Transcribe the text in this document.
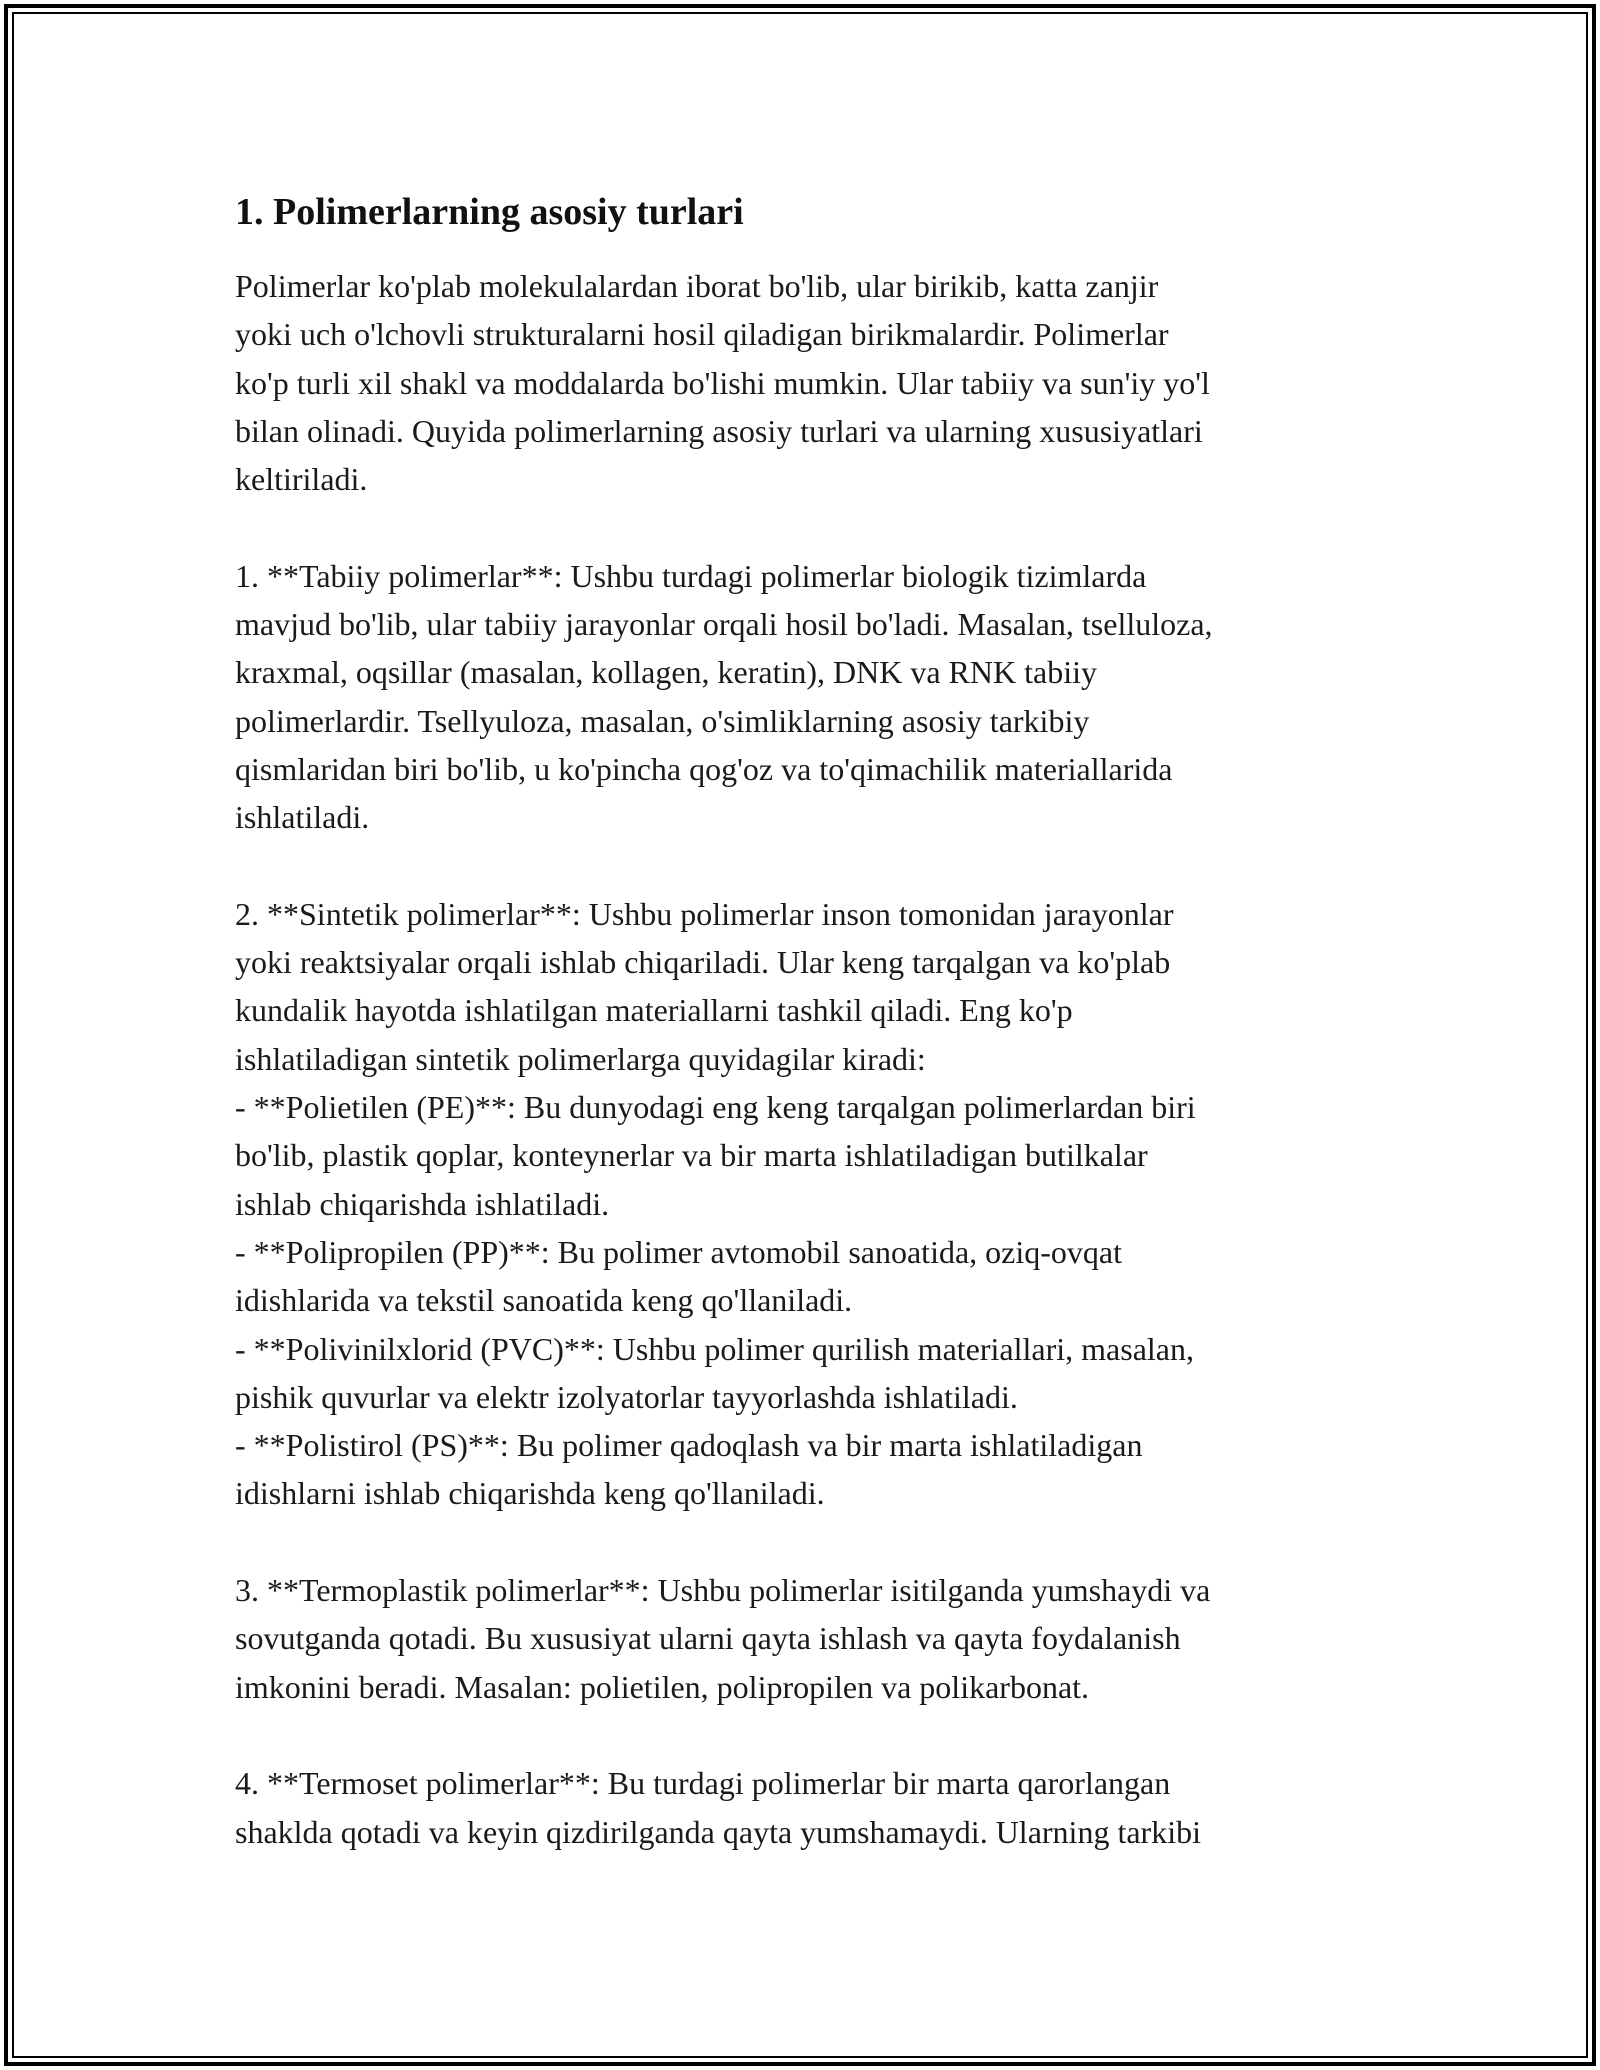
1. Polimerlarning asosiy turlari

Polimerlar ko'plab molekulalardan iborat bo'lib, ular birikib, katta zanjir
yoki uch o'lchovli strukturalarni hosil qiladigan birikmalardir. Polimerlar
ko'p turli xil shakl va moddalarda bo'lishi mumkin. Ular tabiiy va sun'iy yo'l
bilan olinadi. Quyida polimerlarning asosiy turlari va ularning xususiyatlari
keltiriladi.

1. **Tabiiy polimerlar**: Ushbu turdagi polimerlar biologik tizimlarda
mavjud bo'lib, ular tabiiy jarayonlar orqali hosil bo'ladi. Masalan, tselluloza,
kraxmal, oqsillar (masalan, kollagen, keratin), DNK va RNK tabiiy
polimerlardir. Tsellyuloza, masalan, o'simliklarning asosiy tarkibiy
qismlaridan biri bo'lib, u ko'pincha qog'oz va to'qimachilik materiallarida
ishlatiladi.

2. **Sintetik polimerlar**: Ushbu polimerlar inson tomonidan jarayonlar
yoki reaktsiyalar orqali ishlab chiqariladi. Ular keng tarqalgan va ko'plab
kundalik hayotda ishlatilgan materiallarni tashkil qiladi. Eng ko'p
ishlatiladigan sintetik polimerlarga quyidagilar kiradi:
- **Polietilen (PE)**: Bu dunyodagi eng keng tarqalgan polimerlardan biri
bo'lib, plastik qoplar, konteynerlar va bir marta ishlatiladigan butilkalar
ishlab chiqarishda ishlatiladi.
- **Polipropilen (PP)**: Bu polimer avtomobil sanoatida, oziq-ovqat
idishlarida va tekstil sanoatida keng qo'llaniladi.
- **Polivinilxlorid (PVC)**: Ushbu polimer qurilish materiallari, masalan,
pishik quvurlar va elektr izolyatorlar tayyorlashda ishlatiladi.
- **Polistirol (PS)**: Bu polimer qadoqlash va bir marta ishlatiladigan
idishlarni ishlab chiqarishda keng qo'llaniladi.

3. **Termoplastik polimerlar**: Ushbu polimerlar isitilganda yumshaydi va
sovutganda qotadi. Bu xususiyat ularni qayta ishlash va qayta foydalanish
imkonini beradi. Masalan: polietilen, polipropilen va polikarbonat.

4. **Termoset polimerlar**: Bu turdagi polimerlar bir marta qarorlangan
shaklda qotadi va keyin qizdirilganda qayta yumshamaydi. Ularning tarkibi
